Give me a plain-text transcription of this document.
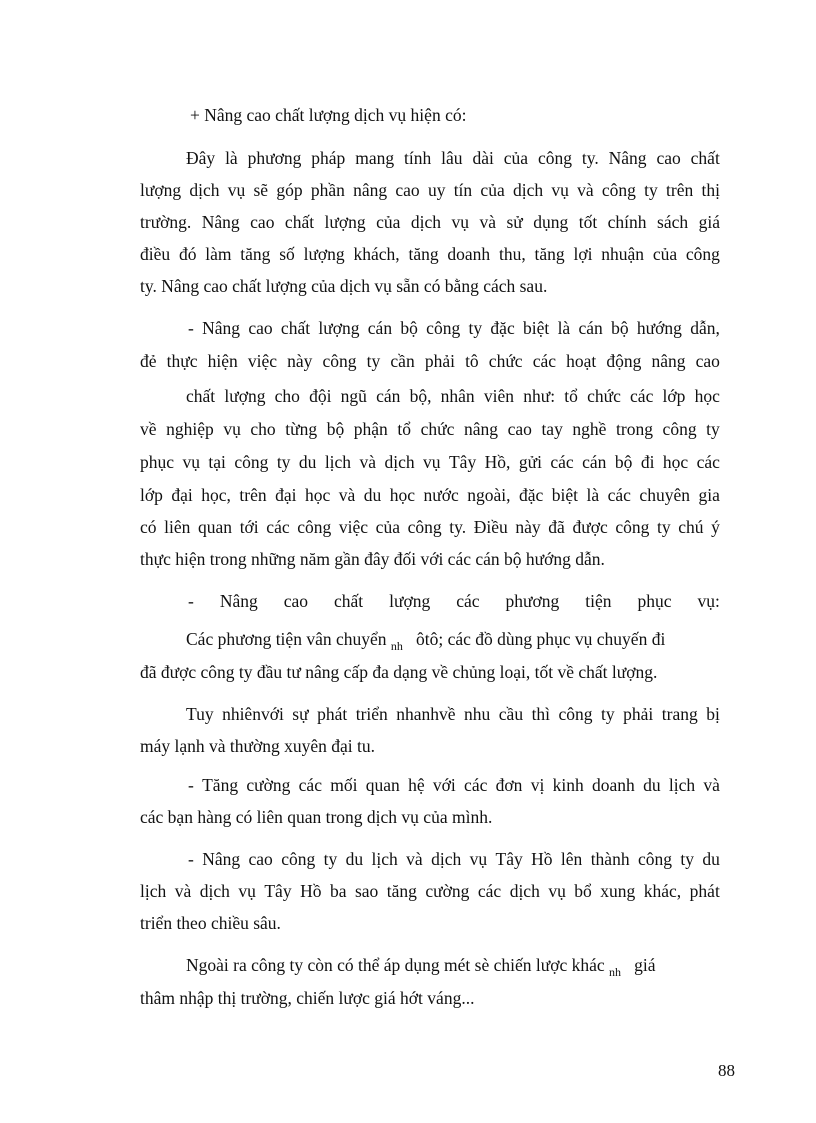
+ Nâng cao chất lượng dịch vụ hiện có:
Đây là phương pháp mang tính lâu dài của công ty. Nâng cao chất
lượng dịch vụ sẽ góp phần nâng cao uy tín của dịch vụ và công ty trên thị
trường. Nâng cao chất lượng của dịch vụ và sử dụng tốt chính sách giá
điều đó làm tăng số lượng khách, tăng doanh thu, tăng lợi nhuận của công
ty. Nâng cao chất lượng của dịch vụ sẵn có bằng cách sau.
- Nâng cao chất lượng cán bộ công ty đặc biệt là cán bộ hướng dẫn,
đẻ thực hiện việc này công ty cần phải tô chức các hoạt động nâng cao
chất lượng cho đội ngũ cán bộ, nhân viên như: tổ chức các lớp học
về nghiệp vụ cho từng bộ phận tổ chức nâng cao tay nghề trong công ty
phục vụ tại công ty du lịch và dịch vụ Tây Hồ, gửi các cán bộ đi học các
lớp đại học, trên đại học và du học nước ngoài, đặc biệt là các chuyên gia
có liên quan tới các công việc của công ty. Điều này đã được công ty chú ý
thực hiện trong những năm gần đây đối với các cán bộ hướng dẫn.
- Nâng cao chất lượng các phương tiện phục vụ:
Các phương tiện vân chuyển $_{nh}$ ôtô; các đồ dùng phục vụ chuyến đi
đã được công ty đầu tư nâng cấp đa dạng về chủng loại, tốt về chất lượng.
Tuy nhiênvới sự phát triển nhanhvề nhu cầu thì công ty phải trang bị
máy lạnh và thường xuyên đại tu.
- Tăng cường các mối quan hệ với các đơn vị kinh doanh du lịch và
các bạn hàng có liên quan trong dịch vụ của mình.
- Nâng cao công ty du lịch và dịch vụ Tây Hồ lên thành công ty du
lịch và dịch vụ Tây Hồ ba sao tăng cường các dịch vụ bổ xung khác, phát
triển theo chiều sâu.
Ngoài ra công ty còn có thể áp dụng mét sè chiến lược khác $_{nh}$ giá
thâm nhập thị trường, chiến lược giá hớt váng...
88
